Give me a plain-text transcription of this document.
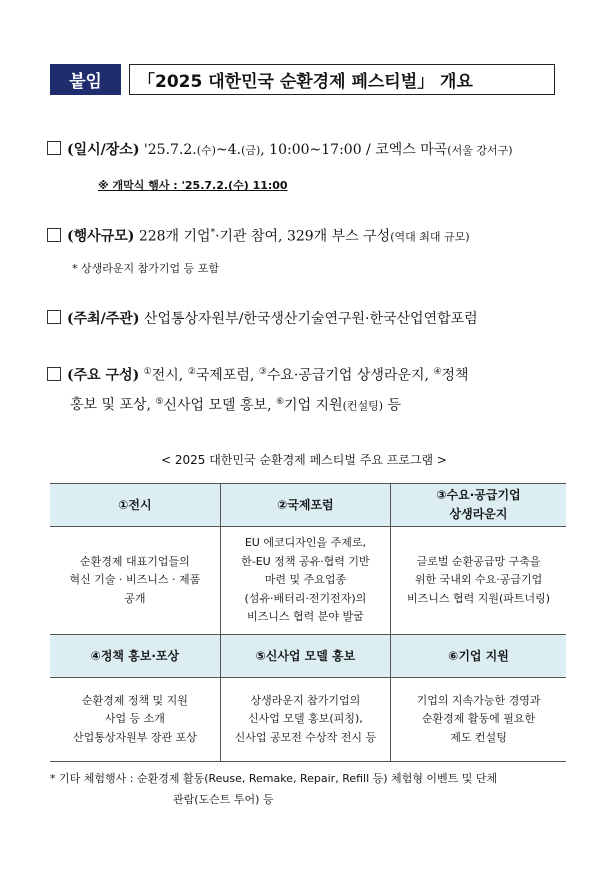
붙임	「2025 대한민국 순환경제 페스티벌」 개요
(일시/장소) '25.7.2.(수)~4.(금), 10:00~17:00 / 코엑스 마곡(서울 강서구)
※ 개막식 행사 : '25.7.2.(수) 11:00
(행사규모) 228개 기업*·기관 참여, 329개 부스 구성(역대 최대 규모)
* 상생라운지 참가기업 등 포함
(주최/주관) 산업통상자원부/한국생산기술연구원·한국산업연합포럼
(주요 구성) ①전시, ②국제포럼, ③수요·공급기업 상생라운지, ④정책
홍보 및 포상, ⑤신사업 모델 홍보, ⑥기업 지원(컨설팅) 등
< 2025 대한민국 순환경제 페스티벌 주요 프로그램 >
①전시	②국제포럼	③수요·공급기업
상생라운지
순환경제 대표기업들의
혁신 기술 · 비즈니스 · 제품
공개	EU 에코디자인을 주제로,
한-EU 정책 공유·협력 기반
마련 및 주요업종
(섬유·배터리·전기전자)의
비즈니스 협력 분야 발굴	글로벌 순환공급망 구축을
위한 국내외 수요·공급기업
비즈니스 협력 지원(파트너링)
④정책 홍보·포상	⑤신사업 모델 홍보	⑥기업 지원
순환경제 정책 및 지원
사업 등 소개
산업통상자원부 장관 포상	상생라운지 참가기업의
신사업 모델 홍보(피칭),
신사업 공모전 수상작 전시 등	기업의 지속가능한 경영과
순환경제 활동에 필요한
제도 컨설팅
* 기타 체험행사 : 순환경제 활동(Reuse, Remake, Repair, Refill 등) 체험형 이벤트 및 단체
관람(도슨트 투어) 등
